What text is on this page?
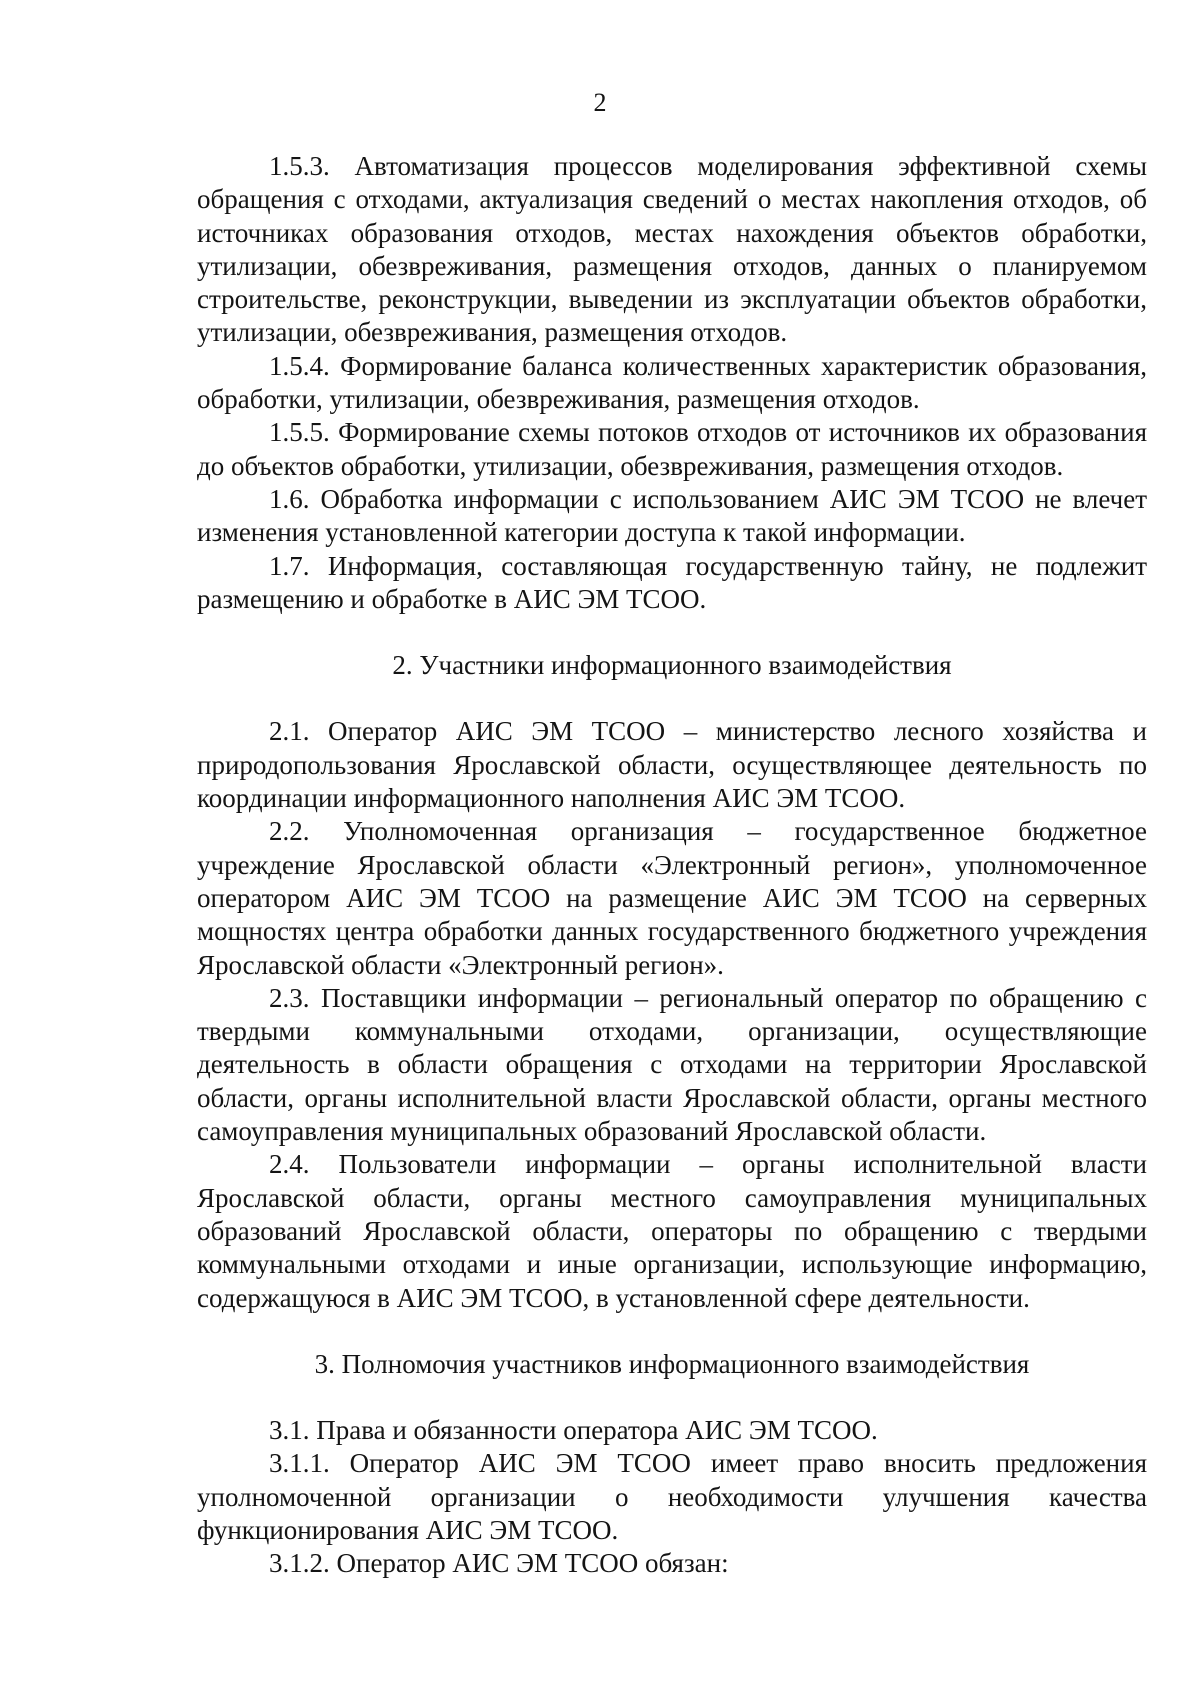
2

1.5.3. Автоматизация процессов моделирования эффективной схемы обращения с отходами, актуализация сведений о местах накопления отходов, об источниках образования отходов, местах нахождения объектов обработки, утилизации, обезвреживания, размещения отходов, данных о планируемом строительстве, реконструкции, выведении из эксплуатации объектов обработки, утилизации, обезвреживания, размещения отходов.

1.5.4. Формирование баланса количественных характеристик образования, обработки, утилизации, обезвреживания, размещения отходов.

1.5.5. Формирование схемы потоков отходов от источников их образования до объектов обработки, утилизации, обезвреживания, размещения отходов.

1.6. Обработка информации с использованием АИС ЭМ ТСОО не влечет изменения установленной категории доступа к такой информации.

1.7. Информация, составляющая государственную тайну, не подлежит размещению и обработке в АИС ЭМ ТСОО.

2. Участники информационного взаимодействия

2.1. Оператор АИС ЭМ ТСОО – министерство лесного хозяйства и природопользования Ярославской области, осуществляющее деятельность по координации информационного наполнения АИС ЭМ ТСОО.

2.2. Уполномоченная организация – государственное бюджетное учреждение Ярославской области «Электронный регион», уполномоченное оператором АИС ЭМ ТСОО на размещение АИС ЭМ ТСОО на серверных мощностях центра обработки данных государственного бюджетного учреждения Ярославской области «Электронный регион».

2.3. Поставщики информации – региональный оператор по обращению с твердыми коммунальными отходами, организации, осуществляющие деятельность в области обращения с отходами на территории Ярославской области, органы исполнительной власти Ярославской области, органы местного самоуправления муниципальных образований Ярославской области.

2.4. Пользователи информации – органы исполнительной власти Ярославской области, органы местного самоуправления муниципальных образований Ярославской области, операторы по обращению с твердыми коммунальными отходами и иные организации, использующие информацию, содержащуюся в АИС ЭМ ТСОО, в установленной сфере деятельности.

3. Полномочия участников информационного взаимодействия

3.1. Права и обязанности оператора АИС ЭМ ТСОО.

3.1.1. Оператор АИС ЭМ ТСОО имеет право вносить предложения уполномоченной организации о необходимости улучшения качества функционирования АИС ЭМ ТСОО.

3.1.2. Оператор АИС ЭМ ТСОО обязан:
